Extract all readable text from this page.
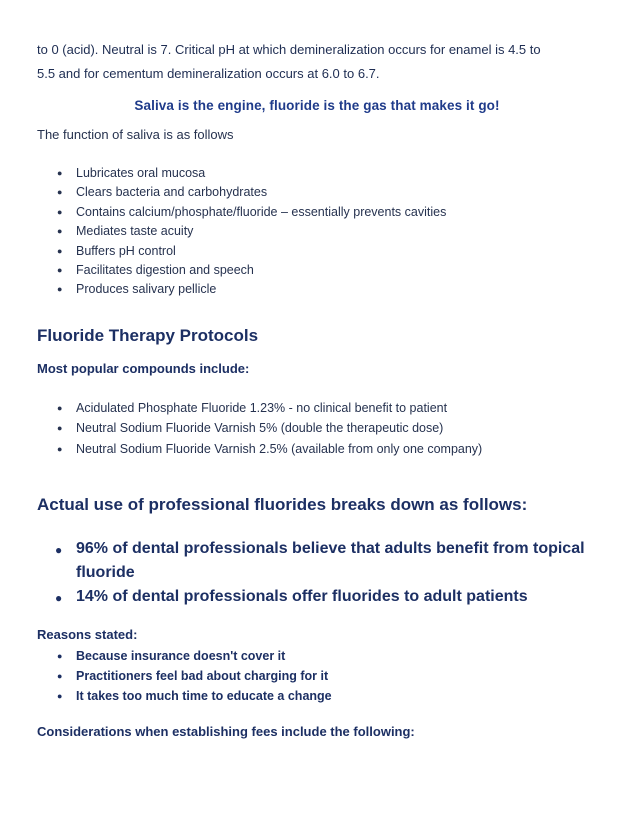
to 0 (acid). Neutral is 7. Critical pH at which demineralization occurs for enamel is 4.5 to
5.5 and for cementum demineralization occurs at 6.0 to 6.7.

Saliva is the engine, fluoride is the gas that makes it go!

The function of saliva is as follows

● Lubricates oral mucosa
● Clears bacteria and carbohydrates
● Contains calcium/phosphate/fluoride – essentially prevents cavities
● Mediates taste acuity
● Buffers pH control
● Facilitates digestion and speech
● Produces salivary pellicle
Fluoride Therapy Protocols
Most popular compounds include:
● Acidulated Phosphate Fluoride 1.23% - no clinical benefit to patient
● Neutral Sodium Fluoride Varnish 5% (double the therapeutic dose)
● Neutral Sodium Fluoride Varnish 2.5% (available from only one company)
Actual use of professional fluorides breaks down as follows:
● 96% of dental professionals believe that adults benefit from topical fluoride
● 14% of dental professionals offer fluorides to adult patients
Reasons stated:
● Because insurance doesn't cover it
● Practitioners feel bad about charging for it
● It takes too much time to educate a change
Considerations when establishing fees include the following:
